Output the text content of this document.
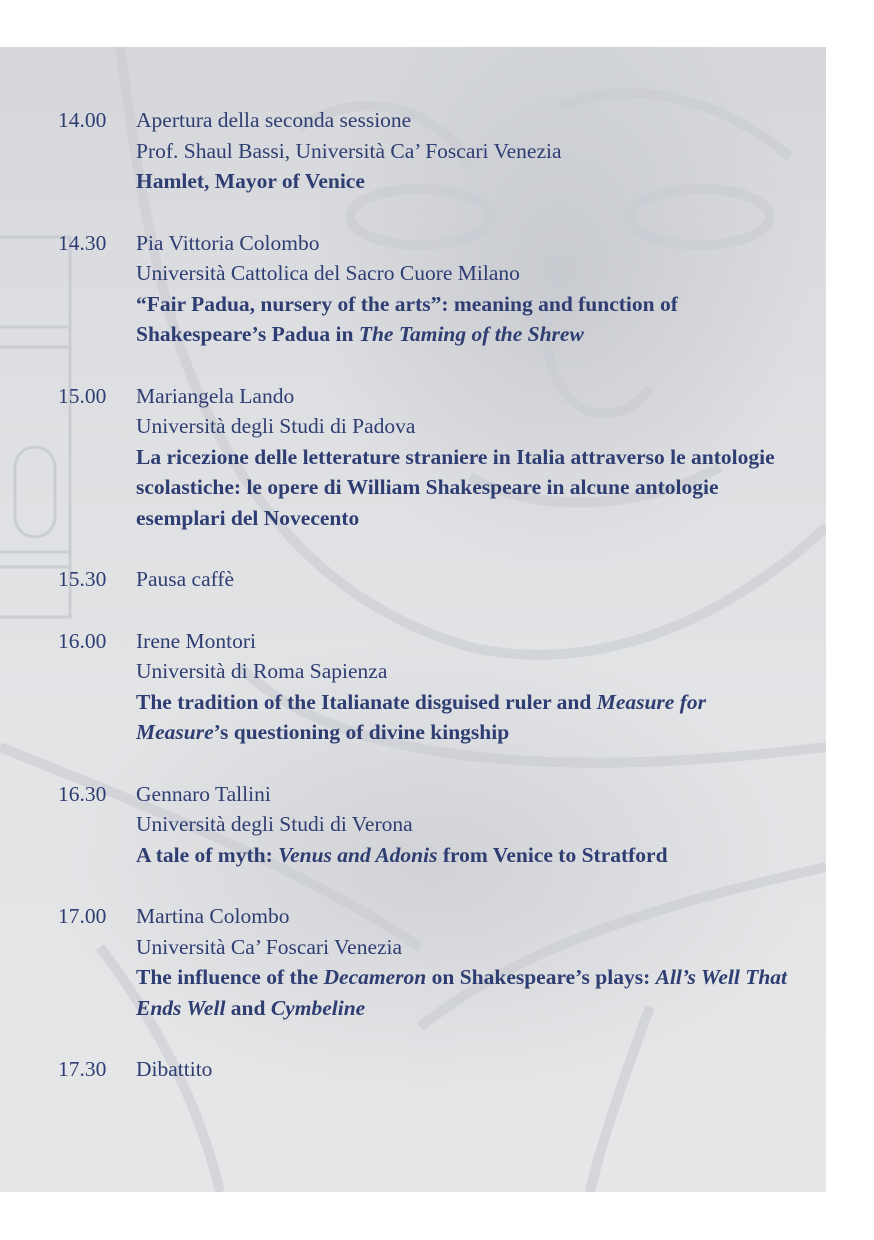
14.00	Apertura della seconda sessione
Prof. Shaul Bassi, Università Ca’ Foscari Venezia
Hamlet, Mayor of Venice
14.30	Pia Vittoria Colombo
Università Cattolica del Sacro Cuore Milano
“Fair Padua, nursery of the arts”: meaning and function of Shakespeare’s Padua in The Taming of the Shrew
15.00	Mariangela Lando
Università degli Studi di Padova
La ricezione delle letterature straniere in Italia attraverso le antologie scolastiche: le opere di William Shakespeare in alcune antologie esemplari del Novecento
15.30	Pausa caffè
16.00	Irene Montori
Università di Roma Sapienza
The tradition of the Italianate disguised ruler and Measure for Measure’s questioning of divine kingship
16.30	Gennaro Tallini
Università degli Studi di Verona
A tale of myth: Venus and Adonis from Venice to Stratford
17.00	Martina Colombo
Università Ca’ Foscari Venezia
The influence of the Decameron on Shakespeare’s plays: All’s Well That Ends Well and Cymbeline
17.30	Dibattito
